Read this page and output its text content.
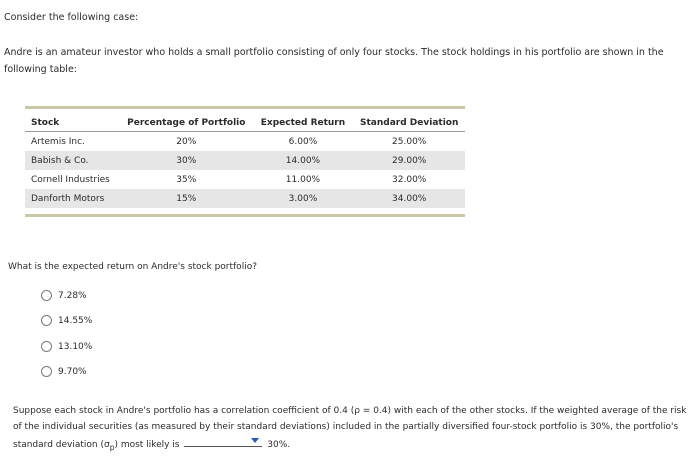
Consider the following case:
Andre is an amateur investor who holds a small portfolio consisting of only four stocks. The stock holdings in his portfolio are shown in the following table:
Stock	Percentage of Portfolio	Expected Return	Standard Deviation
Artemis Inc.	20%	6.00%	25.00%
Babish & Co.	30%	14.00%	29.00%
Cornell Industries	35%	11.00%	32.00%
Danforth Motors	15%	3.00%	34.00%
What is the expected return on Andre's stock portfolio?
7.28%
14.55%
13.10%
9.70%
Suppose each stock in Andre's portfolio has a correlation coefficient of 0.4 (ρ = 0.4) with each of the other stocks. If the weighted average of the risk of the individual securities (as measured by their standard deviations) included in the partially diversified four-stock portfolio is 30%, the portfolio's standard deviation $(\sigma_p)$ most likely is	30%.
